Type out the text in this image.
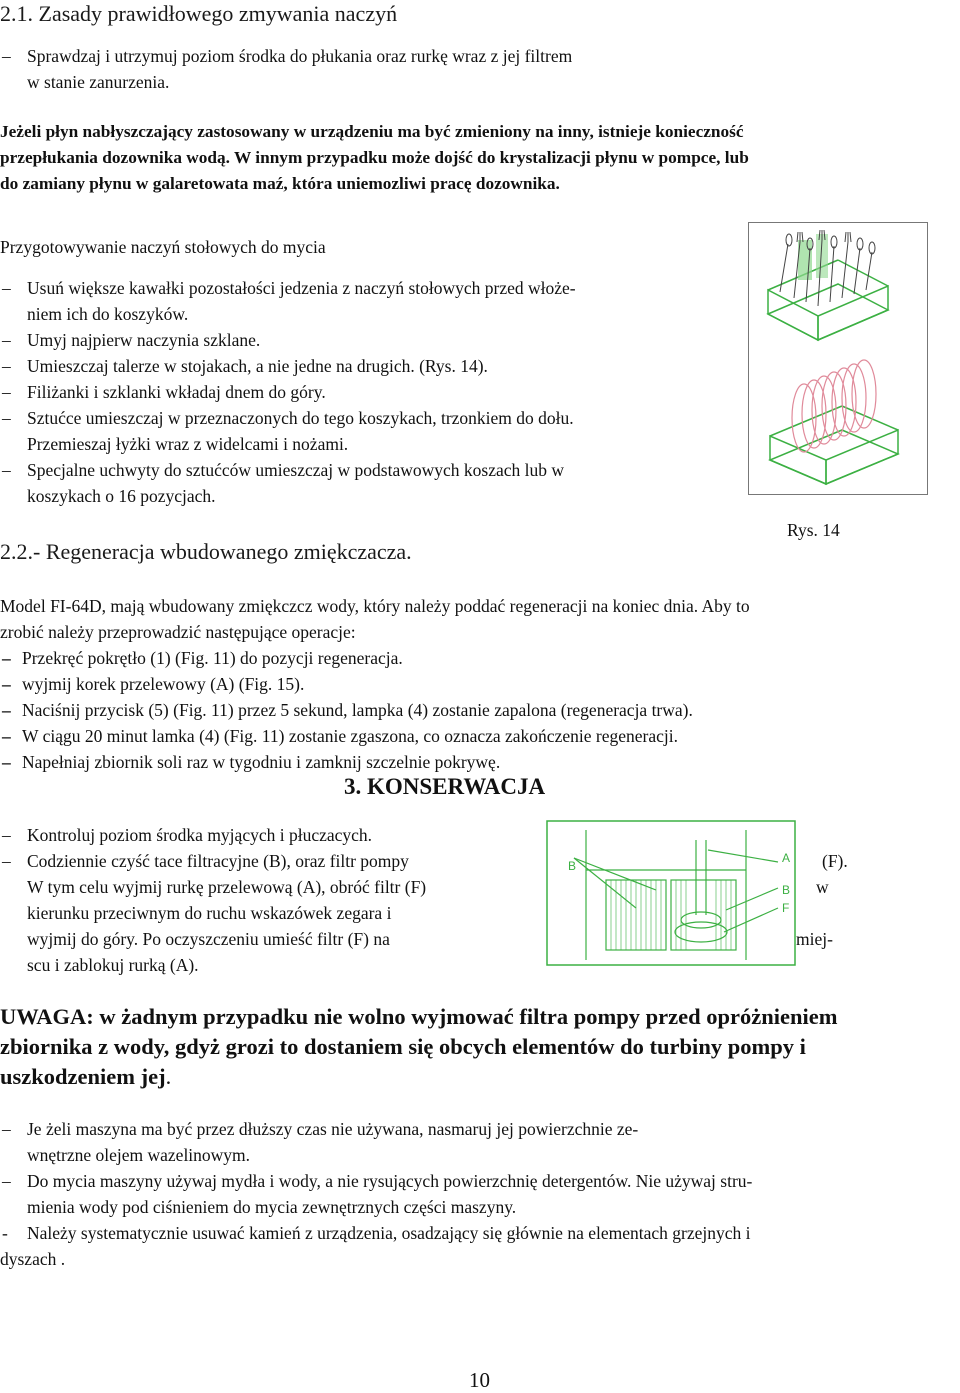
2.1. Zasady prawidłowego zmywania naczyń
– Sprawdzaj i utrzymuj poziom środka do płukania oraz rurkę wraz z jej filtrem
w stanie zanurzenia.
Jeżeli płyn nabłyszczający zastosowany w urządzeniu ma być zmieniony na inny, istnieje konieczność
przepłukania dozownika wodą. W innym przypadku może dojść do krystalizacji płynu w pompce, lub
do zamiany płynu w galaretowata maź, która uniemozliwi pracę dozownika.
Przygotowywanie naczyń stołowych do mycia
– Usuń większe kawałki pozostałości jedzenia z naczyń stołowych przed włoże-
niem ich do koszyków.
– Umyj najpierw naczynia szklane.
– Umieszczaj talerze w stojakach, a nie jedne na drugich. (Rys. 14).
– Filiżanki i szklanki wkładaj dnem do góry.
– Sztućce umieszczaj w przeznaczonych do tego koszykach, trzonkiem do dołu.
Przemieszaj łyżki wraz z widelcami i nożami.
– Specjalne uchwyty do sztućców umieszczaj w podstawowych koszach lub w
koszykach o 16 pozycjach.
Rys. 14
2.2.- Regeneracja wbudowanego zmiękczacza.
Model FI-64D, mają wbudowany zmiękczcz wody, który należy poddać regeneracji na koniec dnia. Aby to
zrobić należy przeprowadzić następujące operacje:
– Przekręć pokrętło (1) (Fig. 11) do pozycji regeneracja.
– wyjmij korek przelewowy (A) (Fig. 15).
– Naciśnij przycisk (5) (Fig. 11) przez 5 sekund, lampka (4) zostanie zapalona (regeneracja trwa).
– W ciągu 20 minut lamka (4) (Fig. 11) zostanie zgaszona, co oznacza zakończenie regeneracji.
– Napełniaj zbiornik soli raz w tygodniu i zamknij szczelnie pokrywę.
3. KONSERWACJA
– Kontroluj poziom środka myjących i płuczacych.
– Codziennie czyść tace filtracyjne (B), oraz filtr pompy
W tym celu wyjmij rurkę przelewową (A), obróć filtr (F)
kierunku przeciwnym do ruchu wskazówek zegara i
wyjmij do góry. Po oczyszczeniu umieść filtr (F) na
scu i zablokuj rurką (A).
(F).
w
miej-
B
A
B
F
UWAGA: w żadnym przypadku nie wolno wyjmować filtra pompy przed opróżnieniem
zbiornika z wody, gdyż grozi to dostaniem się obcych elementów do turbiny pompy i
uszkodzeniem jej.
– Je żeli maszyna ma być przez dłuższy czas nie używana, nasmaruj jej powierzchnie ze-
wnętrzne olejem wazelinowym.
– Do mycia maszyny używaj mydła i wody, a nie rysujących powierzchnię detergentów. Nie używaj stru-
mienia wody pod ciśnieniem do mycia zewnętrznych części maszyny.
- Należy systematycznie usuwać kamień z urządzenia, osadzający się głównie na elementach grzejnych i
dyszach .
10
